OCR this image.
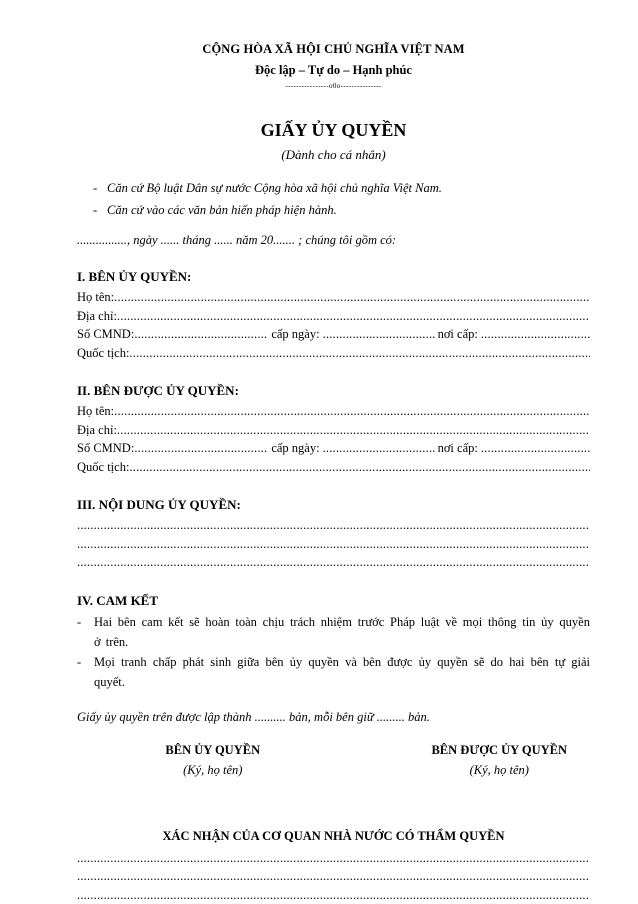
CỘNG HÒA XÃ HỘI CHỦ NGHĨA VIỆT NAM

Độc lập – Tự do – Hạnh phúc

----------------o0o---------------

GIẤY ỦY QUYỀN

(Dành cho cá nhân)

- Căn cứ Bộ luật Dân sự nước Cộng hòa xã hội chủ nghĩa Việt Nam.
- Căn cứ vào các văn bản hiến pháp hiện hành.

................, ngày ...... tháng ...... năm 20....... ; chúng tôi gồm có:

I. BÊN ỦY QUYỀN:
Họ tên:
.....
Địa chỉ:
.....
Số CMND: .....	cấp ngày: .....	nơi cấp:
.....
Quốc tịch:
.....
II. BÊN ĐƯỢC ỦY QUYỀN:
Họ tên:
.....
Địa chỉ:
.....
Số CMND: .....	cấp ngày: .....	nơi cấp:
.....
Quốc tịch:
.....
III. NỘI DUNG ỦY QUYỀN:
.....
.....
.....
IV. CAM KẾT
- Hai bên cam kết sẽ hoàn toàn chịu trách nhiệm trước Pháp luật về mọi thông tin ủy quyền ở trên.
- Mọi tranh chấp phát sinh giữa bên ủy quyền và bên được ủy quyền sẽ do hai bên tự giải quyết.

Giấy ủy quyền trên được lập thành .......... bản, mỗi bên giữ ......... bản.

BÊN ỦY QUYỀN
(Ký, họ tên)
BÊN ĐƯỢC ỦY QUYỀN
(Ký, họ tên)
XÁC NHẬN CỦA CƠ QUAN NHÀ NƯỚC CÓ THẨM QUYỀN
.....
.....
.....
